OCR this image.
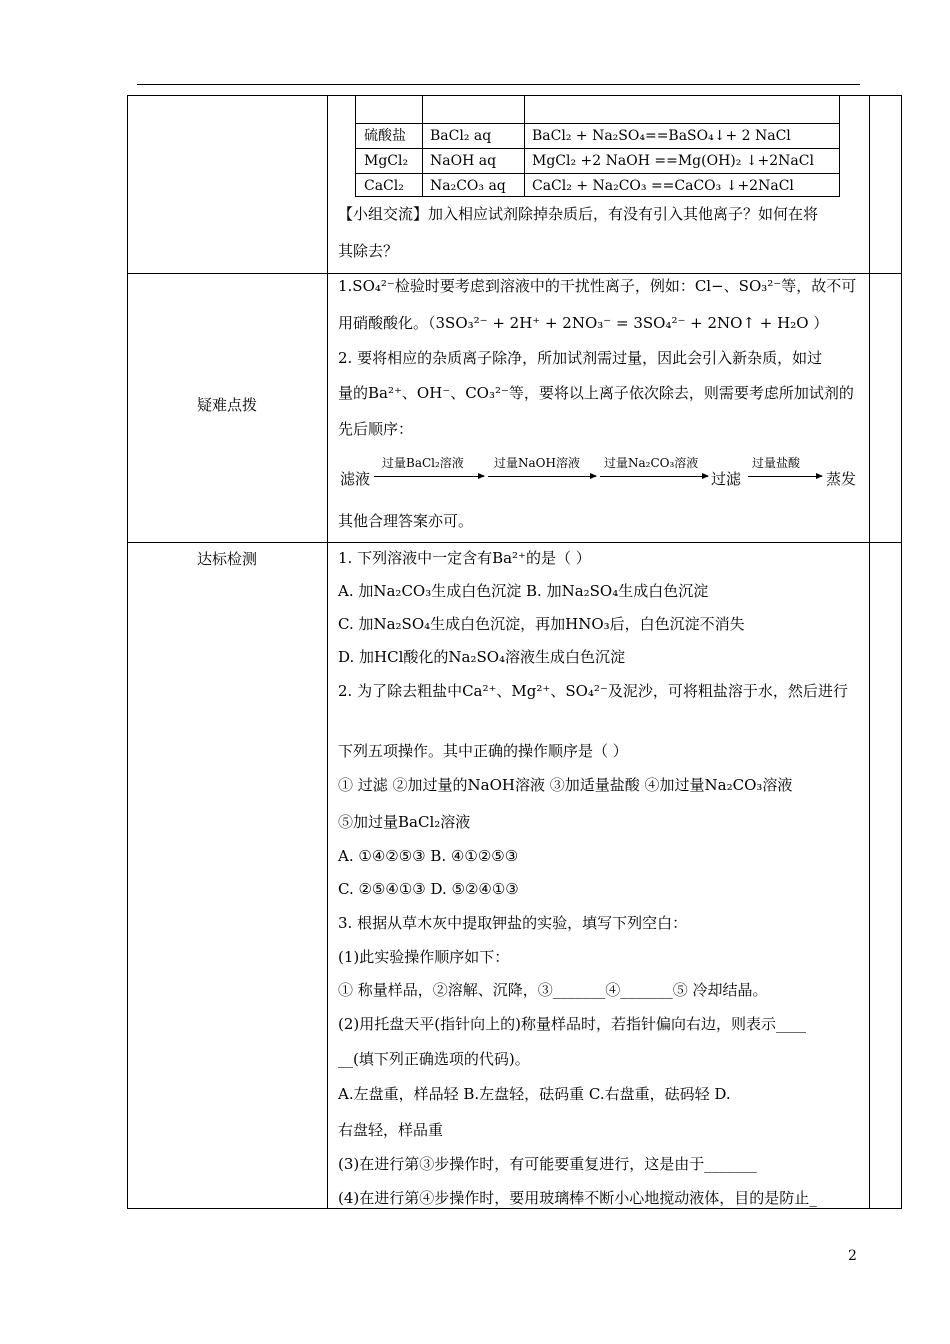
硫酸盐 BaCl₂ aq	BaCl₂ + Na₂SO₄==BaSO₄↓+ 2 NaCl
MgCl₂ NaOH aq	MgCl₂ +2 NaOH ==Mg(OH)₂ ↓+2NaCl
CaCl₂ Na₂CO₃ aq CaCl₂ + Na₂CO₃ ==CaCO₃ ↓+2NaCl
【小组交流】加入相应试剂除掉杂质后，有没有引入其他离子？如何在将
其除去？
疑难点拨
1.SO₄²⁻检验时要考虑到溶液中的干扰性离子，例如：Cl−、SO₃²⁻等，故不可
用硝酸酸化。（3SO₃²⁻ + 2H⁺ + 2NO₃⁻ = 3SO₄²⁻ + 2NO↑ + H₂O ）
2. 要将相应的杂质离子除净，所加试剂需过量，因此会引入新杂质，如过
量的Ba²⁺、OH⁻、CO₃²⁻等，要将以上离子依次除去，则需要考虑所加试剂的
先后顺序：
滤液
过量BaCl₂溶液	过量NaOH溶液 过量Na₂CO₃溶液
过滤
过量盐酸
蒸发
其他合理答案亦可。
达标检测	1. 下列溶液中一定含有Ba²⁺的是（ ）
A. 加Na₂CO₃生成白色沉淀 B. 加Na₂SO₄生成白色沉淀
C. 加Na₂SO₄生成白色沉淀，再加HNO₃后，白色沉淀不消失
D. 加HCl酸化的Na₂SO₄溶液生成白色沉淀
2. 为了除去粗盐中Ca²⁺、Mg²⁺、SO₄²⁻及泥沙，可将粗盐溶于水，然后进行
下列五项操作。其中正确的操作顺序是（ ）
① 过滤 ②加过量的NaOH溶液 ③加适量盐酸 ④加过量Na₂CO₃溶液
⑤加过量BaCl₂溶液
A. ①④②⑤③ B. ④①②⑤③
C. ②⑤④①③ D. ⑤②④①③
3. 根据从草木灰中提取钾盐的实验，填写下列空白：
(1)此实验操作顺序如下：
① 称量样品，②溶解、沉降，③_______④_______⑤ 冷却结晶。
(2)用托盘天平(指针向上的)称量样品时，若指针偏向右边，则表示____
__(填下列正确选项的代码)。
A.左盘重，样品轻 B.左盘轻，砝码重 C.右盘重，砝码轻 D.
右盘轻，样品重
(3)在进行第③步操作时，有可能要重复进行，这是由于_______
(4)在进行第④步操作时，要用玻璃棒不断小心地搅动液体，目的是防止_
2
